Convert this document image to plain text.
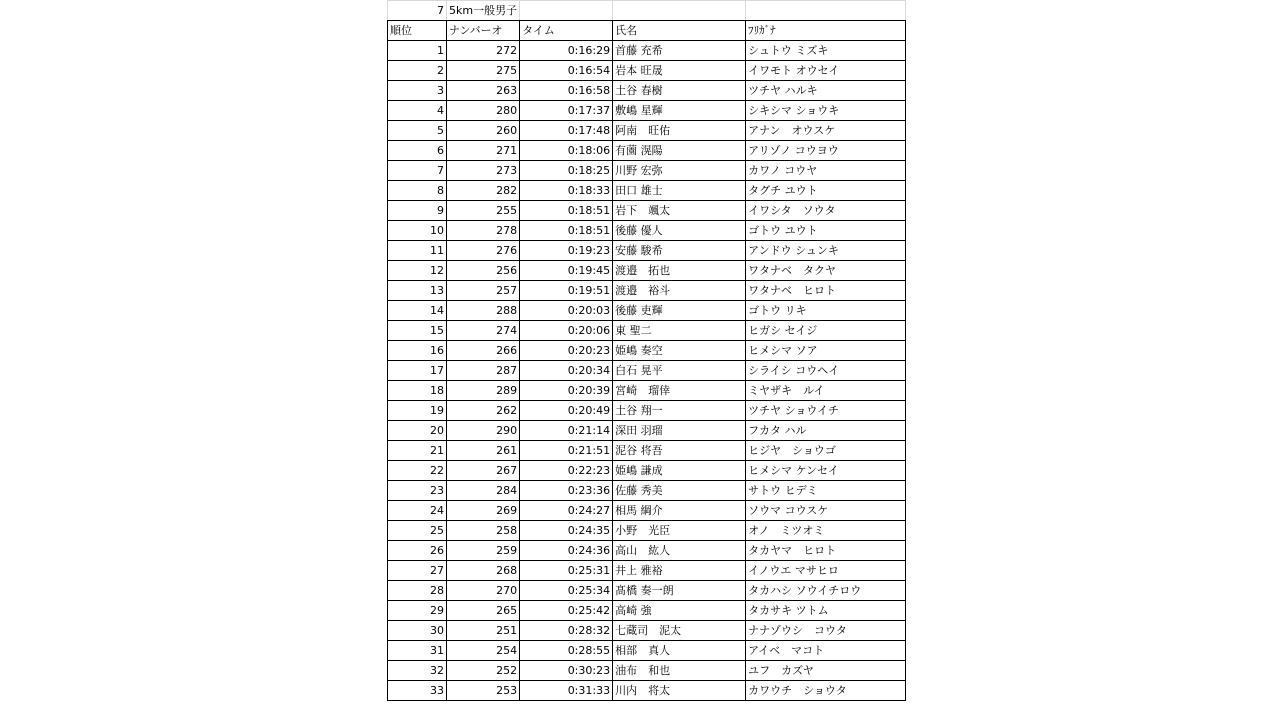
7	5km一般男子			
順位	ナンバーオ	タイム	氏名	ﾌﾘｶﾞﾅ
1	272	0:16:29	首藤 充希	シュトウ ミズキ
2	275	0:16:54	岩本 旺晟	イワモト オウセイ
3	263	0:16:58	土谷 春樹	ツチヤ ハルキ
4	280	0:17:37	敷嶋 星輝	シキシマ ショウキ
5	260	0:17:48	阿南　旺佑	アナン　オウスケ
6	271	0:18:06	有薗 滉陽	アリゾノ コウヨウ
7	273	0:18:25	川野 宏弥	カワノ コウヤ
8	282	0:18:33	田口 雄士	タグチ ユウト
9	255	0:18:51	岩下　颯太	イワシタ　ソウタ
10	278	0:18:51	後藤 優人	ゴトウ ユウト
11	276	0:19:23	安藤 駿希	アンドウ シュンキ
12	256	0:19:45	渡邉　拓也	ワタナベ　タクヤ
13	257	0:19:51	渡邉　裕斗	ワタナベ　ヒロト
14	288	0:20:03	後藤 吏輝	ゴトウ リキ
15	274	0:20:06	東 聖二	ヒガシ セイジ
16	266	0:20:23	姫嶋 奏空	ヒメシマ ソア
17	287	0:20:34	白石 晃平	シライシ コウヘイ
18	289	0:20:39	宮崎　瑠倖	ミヤザキ　ルイ
19	262	0:20:49	土谷 翔一	ツチヤ ショウイチ
20	290	0:21:14	深田 羽瑠	フカタ ハル
21	261	0:21:51	泥谷 将吾	ヒジヤ　ショウゴ
22	267	0:22:23	姫嶋 謙成	ヒメシマ ケンセイ
23	284	0:23:36	佐藤 秀美	サトウ ヒデミ
24	269	0:24:27	相馬 綱介	ソウマ コウスケ
25	258	0:24:35	小野　光臣	オノ　ミツオミ
26	259	0:24:36	高山　紘人	タカヤマ　ヒロト
27	268	0:25:31	井上 雅裕	イノウエ マサヒロ
28	270	0:25:34	髙橋 奏一朗	タカハシ ソウイチロウ
29	265	0:25:42	高崎 強	タカサキ ツトム
30	251	0:28:32	七蔵司　泥太	ナナゾウシ　コウタ
31	254	0:28:55	相部　真人	アイベ　マコト
32	252	0:30:23	油布　和也	ユフ　カズヤ
33	253	0:31:33	川内　将太	カワウチ　ショウタ
